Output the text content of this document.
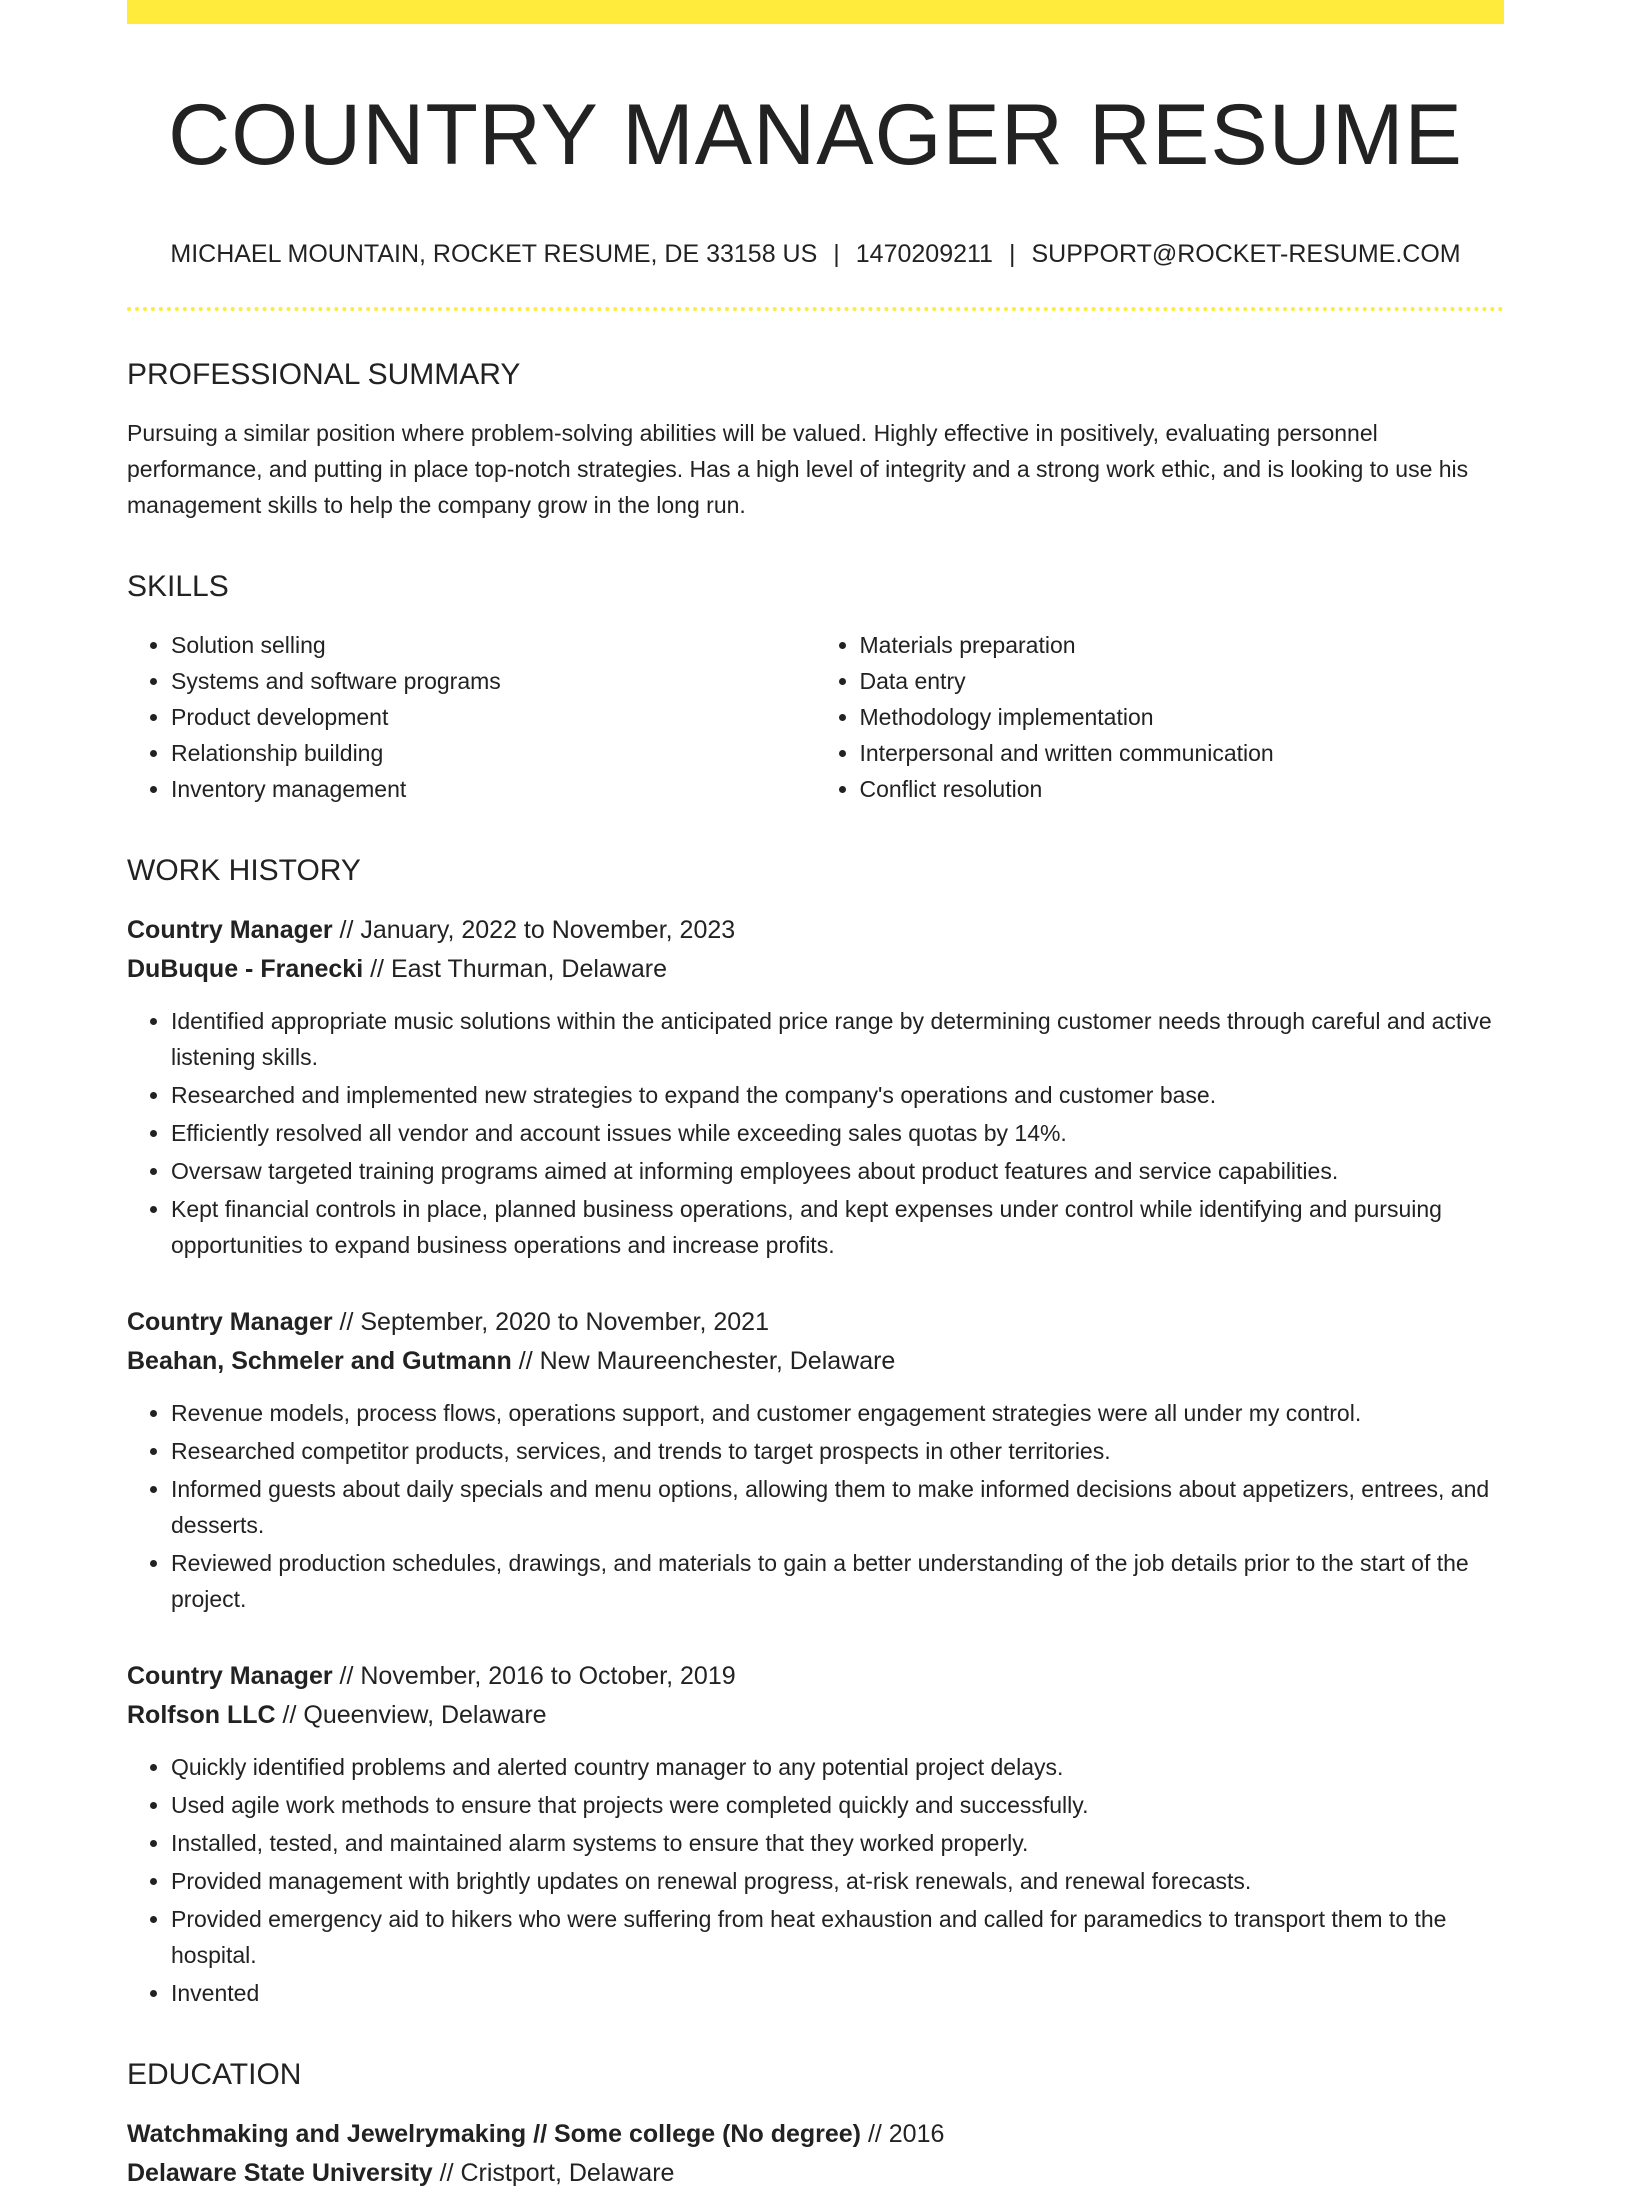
COUNTRY MANAGER RESUME
MICHAEL MOUNTAIN, ROCKET RESUME, DE 33158 US | 1470209211 | SUPPORT@ROCKET-RESUME.COM
PROFESSIONAL SUMMARY
Pursuing a similar position where problem-solving abilities will be valued. Highly effective in positively, evaluating personnel performance, and putting in place top-notch strategies. Has a high level of integrity and a strong work ethic, and is looking to use his management skills to help the company grow in the long run.
SKILLS
• Solution selling
• Systems and software programs
• Product development
• Relationship building
• Inventory management
• Materials preparation
• Data entry
• Methodology implementation
• Interpersonal and written communication
• Conflict resolution
WORK HISTORY
Country Manager // January, 2022 to November, 2023
DuBuque - Franecki // East Thurman, Delaware
• Identified appropriate music solutions within the anticipated price range by determining customer needs through careful and active listening skills.
• Researched and implemented new strategies to expand the company's operations and customer base.
• Efficiently resolved all vendor and account issues while exceeding sales quotas by 14%.
• Oversaw targeted training programs aimed at informing employees about product features and service capabilities.
• Kept financial controls in place, planned business operations, and kept expenses under control while identifying and pursuing opportunities to expand business operations and increase profits.
Country Manager // September, 2020 to November, 2021
Beahan, Schmeler and Gutmann // New Maureenchester, Delaware
• Revenue models, process flows, operations support, and customer engagement strategies were all under my control.
• Researched competitor products, services, and trends to target prospects in other territories.
• Informed guests about daily specials and menu options, allowing them to make informed decisions about appetizers, entrees, and desserts.
• Reviewed production schedules, drawings, and materials to gain a better understanding of the job details prior to the start of the project.
Country Manager // November, 2016 to October, 2019
Rolfson LLC // Queenview, Delaware
• Quickly identified problems and alerted country manager to any potential project delays.
• Used agile work methods to ensure that projects were completed quickly and successfully.
• Installed, tested, and maintained alarm systems to ensure that they worked properly.
• Provided management with brightly updates on renewal progress, at-risk renewals, and renewal forecasts.
• Provided emergency aid to hikers who were suffering from heat exhaustion and called for paramedics to transport them to the hospital.
• Invented
EDUCATION
Watchmaking and Jewelrymaking // Some college (No degree) // 2016
Delaware State University // Cristport, Delaware
